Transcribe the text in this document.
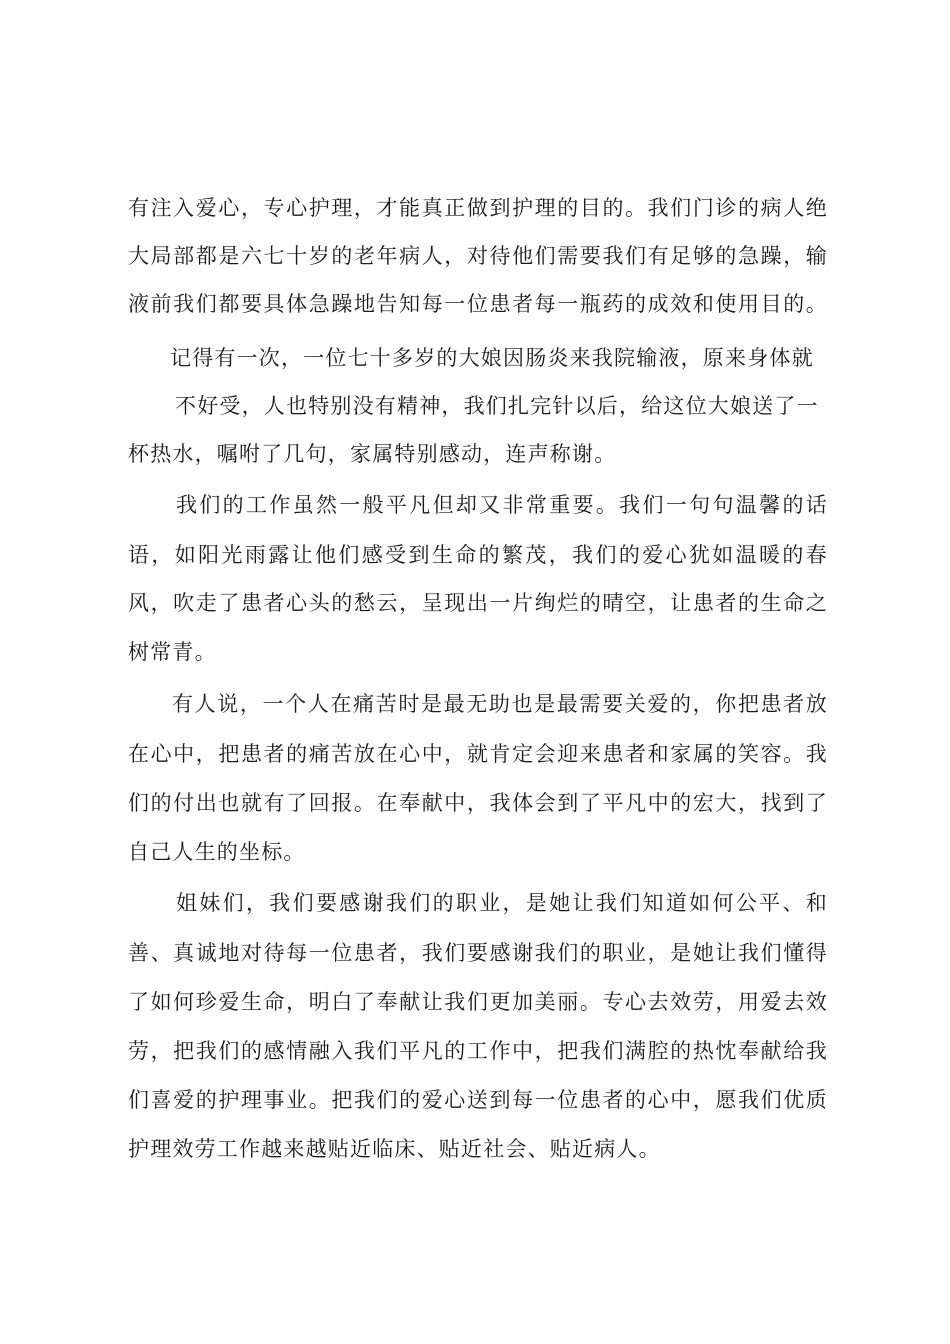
有注入爱心，专心护理，才能真正做到护理的目的。我们门诊的病人绝
大局部都是六七十岁的老年病人，对待他们需要我们有足够的急躁，输
液前我们都要具体急躁地告知每一位患者每一瓶药的成效和使用目的。
记得有一次，一位七十多岁的大娘因肠炎来我院输液，原来身体就
不好受，人也特别没有精神，我们扎完针以后，给这位大娘送了一
杯热水，嘱咐了几句，家属特别感动，连声称谢。
我们的工作虽然一般平凡但却又非常重要。我们一句句温馨的话
语，如阳光雨露让他们感受到生命的繁茂，我们的爱心犹如温暖的春
风，吹走了患者心头的愁云，呈现出一片绚烂的晴空，让患者的生命之
树常青。
有人说，一个人在痛苦时是最无助也是最需要关爱的，你把患者放
在心中，把患者的痛苦放在心中，就肯定会迎来患者和家属的笑容。我
们的付出也就有了回报。在奉献中，我体会到了平凡中的宏大，找到了
自己人生的坐标。
姐妹们，我们要感谢我们的职业，是她让我们知道如何公平、和
善、真诚地对待每一位患者，我们要感谢我们的职业，是她让我们懂得
了如何珍爱生命，明白了奉献让我们更加美丽。专心去效劳，用爱去效
劳，把我们的感情融入我们平凡的工作中，把我们满腔的热忱奉献给我
们喜爱的护理事业。把我们的爱心送到每一位患者的心中，愿我们优质
护理效劳工作越来越贴近临床、贴近社会、贴近病人。
